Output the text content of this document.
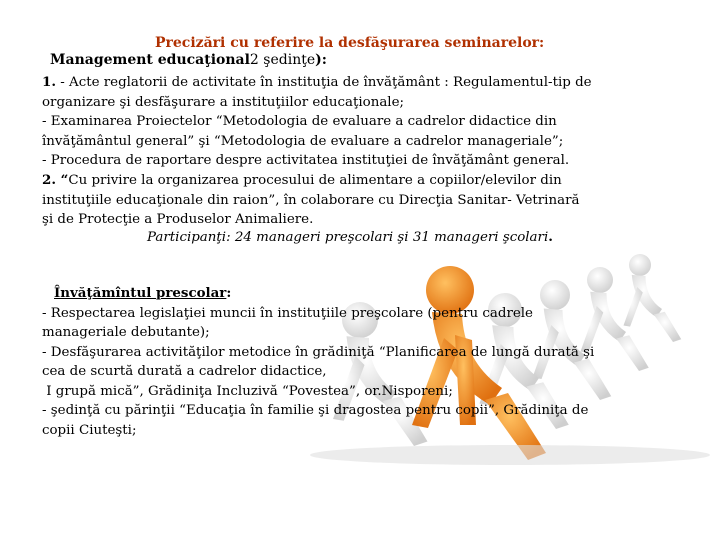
Precizări cu referire la desfăşurarea seminarelor:
Management educaţional2 şedinţe):
1. - Acte reglatorii de activitate în instituţia de învăţământ : Regulamentul-tip de
organizare şi desfăşurare a instituţiilor educaţionale;
- Examinarea Proiectelor “Metodologia de evaluare a cadrelor didactice din
învăţământul general” şi “Metodologia de evaluare a cadrelor manageriale”;
- Procedura de raportare despre activitatea instituţiei de învăţământ general.
2. “Cu privire la organizarea procesului de alimentare a copiilor/elevilor din
instituţiile educaţionale din raion”, în colaborare cu Direcţia Sanitar- Vetrinară
şi de Protecţie a Produselor Animaliere.
Participanţi: 24 manageri preşcolari şi 31 manageri şcolari.
Învăţămîntul prescolar:
- Respectarea legislaţiei muncii în instituţiile preşcolare (pentru cadrele
manageriale debutante);
- Desfăşurarea activităţilor metodice în grădiniţă “Planificarea de lungă durată şi
cea de scurtă durată a cadrelor didactice,
I grupă mică”, Grădiniţa Incluzivă “Povestea”, or.Nisporeni;
- şedinţă cu părinţii “Educaţia în familie şi dragostea pentru copii”, Grădiniţa de
copii Ciuteşti;
